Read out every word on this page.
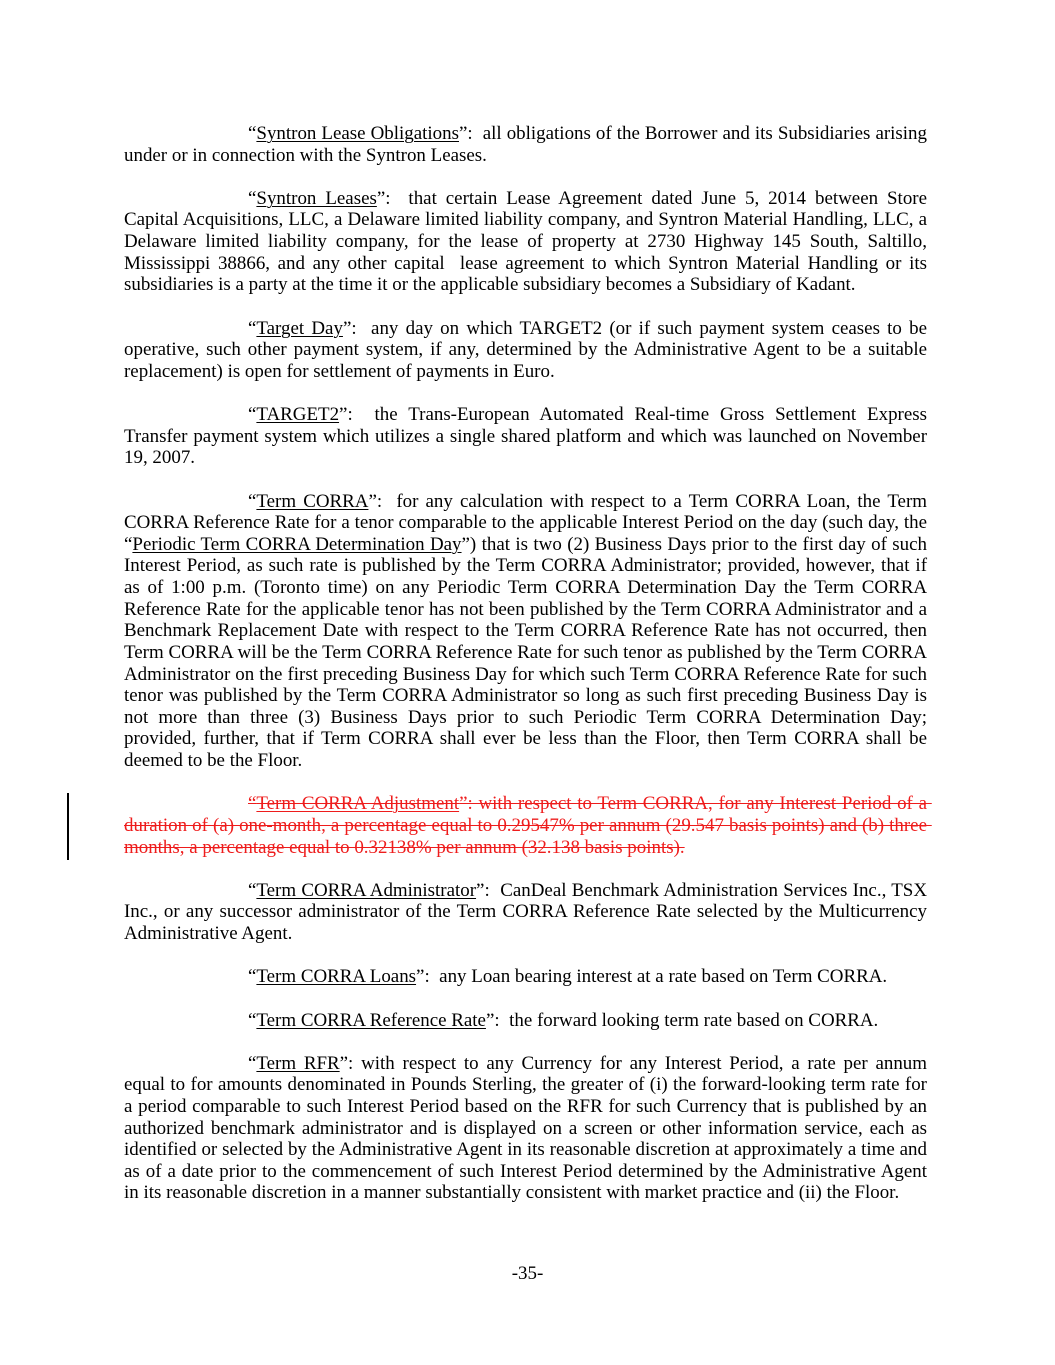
“Syntron Lease Obligations”:  all obligations of the Borrower and its Subsidiaries arising under or in connection with the Syntron Leases.

“Syntron Leases”:  that certain Lease Agreement dated June 5, 2014 between Store Capital Acquisitions, LLC, a Delaware limited liability company, and Syntron Material Handling, LLC, a Delaware limited liability company, for the lease of property at 2730 Highway 145 South, Saltillo, Mississippi 38866, and any other capital  lease agreement to which Syntron Material Handling or its subsidiaries is a party at the time it or the applicable subsidiary becomes a Subsidiary of Kadant.

“Target Day”:  any day on which TARGET2 (or if such payment system ceases to be operative, such other payment system, if any, determined by the Administrative Agent to be a suitable replacement) is open for settlement of payments in Euro.

“TARGET2”:  the Trans-European Automated Real-time Gross Settlement Express Transfer payment system which utilizes a single shared platform and which was launched on November 19, 2007.

“Term CORRA”:  for any calculation with respect to a Term CORRA Loan, the Term CORRA Reference Rate for a tenor comparable to the applicable Interest Period on the day (such day, the “Periodic Term CORRA Determination Day”) that is two (2) Business Days prior to the first day of such Interest Period, as such rate is published by the Term CORRA Administrator; provided, however, that if as of 1:00 p.m. (Toronto time) on any Periodic Term CORRA Determination Day the Term CORRA Reference Rate for the applicable tenor has not been published by the Term CORRA Administrator and a Benchmark Replacement Date with respect to the Term CORRA Reference Rate has not occurred, then Term CORRA will be the Term CORRA Reference Rate for such tenor as published by the Term CORRA Administrator on the first preceding Business Day for which such Term CORRA Reference Rate for such tenor was published by the Term CORRA Administrator so long as such first preceding Business Day is not more than three (3) Business Days prior to such Periodic Term CORRA Determination Day; provided, further, that if Term CORRA shall ever be less than the Floor, then Term CORRA shall be deemed to be the Floor.

“Term CORRA Adjustment”: with respect to Term CORRA, for any Interest Period of a duration of (a) one-month, a percentage equal to 0.29547% per annum (29.547 basis points) and (b) three months, a percentage equal to 0.32138% per annum (32.138 basis points).

“Term CORRA Administrator”:  CanDeal Benchmark Administration Services Inc., TSX Inc., or any successor administrator of the Term CORRA Reference Rate selected by the Multicurrency Administrative Agent.

“Term CORRA Loans”:  any Loan bearing interest at a rate based on Term CORRA.

“Term CORRA Reference Rate”:  the forward looking term rate based on CORRA.

“Term RFR”: with respect to any Currency for any Interest Period, a rate per annum equal to for amounts denominated in Pounds Sterling, the greater of (i) the forward-looking term rate for a period comparable to such Interest Period based on the RFR for such Currency that is published by an authorized benchmark administrator and is displayed on a screen or other information service, each as identified or selected by the Administrative Agent in its reasonable discretion at approximately a time and as of a date prior to the commencement of such Interest Period determined by the Administrative Agent in its reasonable discretion in a manner substantially consistent with market practice and (ii) the Floor.

-35-
